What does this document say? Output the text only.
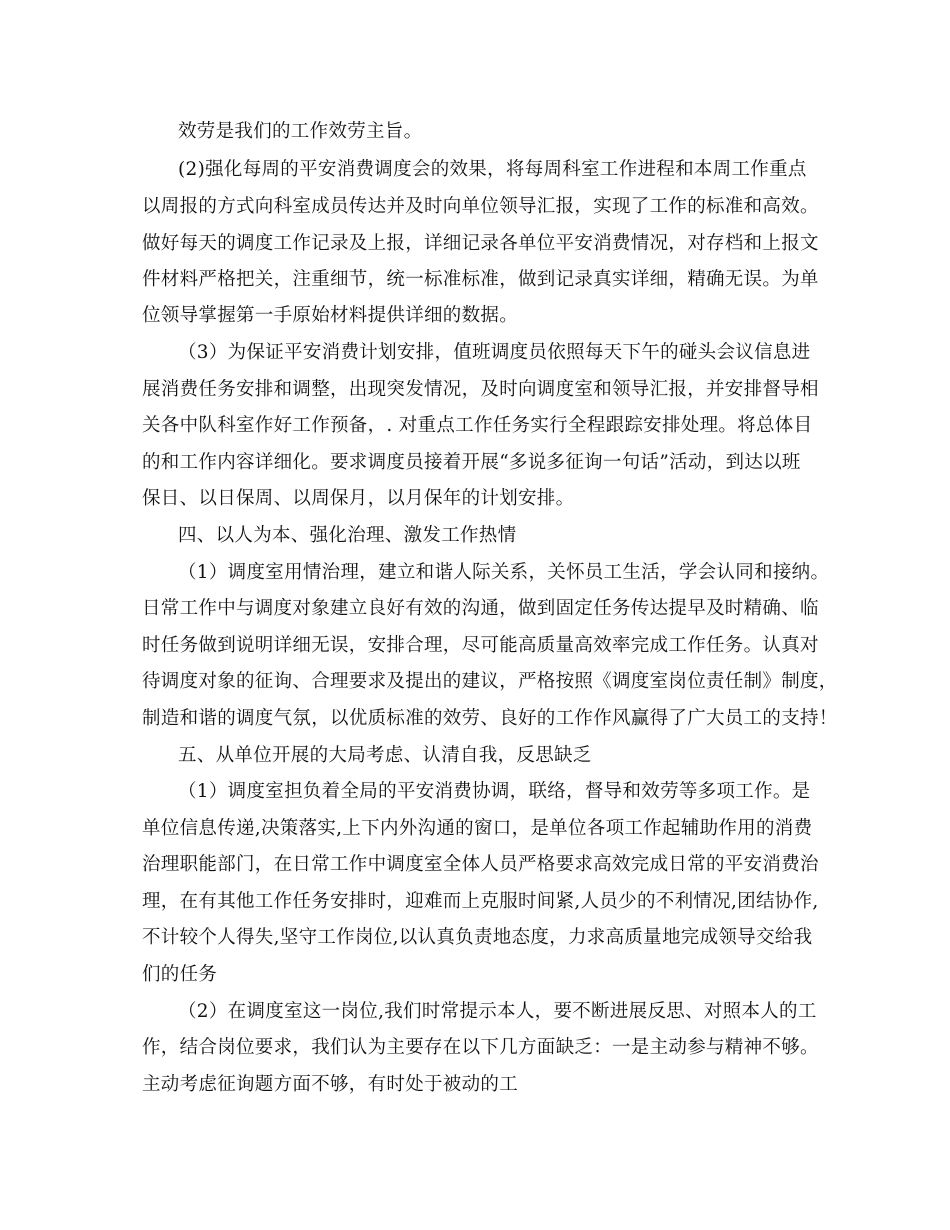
效劳是我们的工作效劳主旨。
(2)强化每周的平安消费调度会的效果，将每周科室工作进程和本周工作重点
以周报的方式向科室成员传达并及时向单位领导汇报，实现了工作的标准和高效。
做好每天的调度工作记录及上报，详细记录各单位平安消费情况，对存档和上报文
件材料严格把关，注重细节，统一标准标准，做到记录真实详细，精确无误。为单
位领导掌握第一手原始材料提供详细的数据。
（3）为保证平安消费计划安排，值班调度员依照每天下午的碰头会议信息进
展消费任务安排和调整，出现突发情况，及时向调度室和领导汇报，并安排督导相
关各中队科室作好工作预备，. 对重点工作任务实行全程跟踪安排处理。将总体目
的和工作内容详细化。要求调度员接着开展“多说多征询一句话”活动，到达以班
保日、以日保周、以周保月，以月保年的计划安排。
四、以人为本、强化治理、激发工作热情
（1）调度室用情治理，建立和谐人际关系，关怀员工生活，学会认同和接纳。
日常工作中与调度对象建立良好有效的沟通，做到固定任务传达提早及时精确、临
时任务做到说明详细无误，安排合理，尽可能高质量高效率完成工作任务。认真对
待调度对象的征询、合理要求及提出的建议，严格按照《调度室岗位责任制》制度，
制造和谐的调度气氛，以优质标准的效劳、良好的工作作风赢得了广大员工的支持！
五、从单位开展的大局考虑、认清自我，反思缺乏
（1）调度室担负着全局的平安消费协调，联络，督导和效劳等多项工作。是
单位信息传递,决策落实,上下内外沟通的窗口，是单位各项工作起辅助作用的消费
治理职能部门，在日常工作中调度室全体人员严格要求高效完成日常的平安消费治
理，在有其他工作任务安排时，迎难而上克服时间紧,人员少的不利情况,团结协作,
不计较个人得失,坚守工作岗位,以认真负责地态度，力求高质量地完成领导交给我
们的任务
（2）在调度室这一岗位,我们时常提示本人，要不断进展反思、对照本人的工
作，结合岗位要求，我们认为主要存在以下几方面缺乏：一是主动参与精神不够。
主动考虑征询题方面不够，有时处于被动的工
